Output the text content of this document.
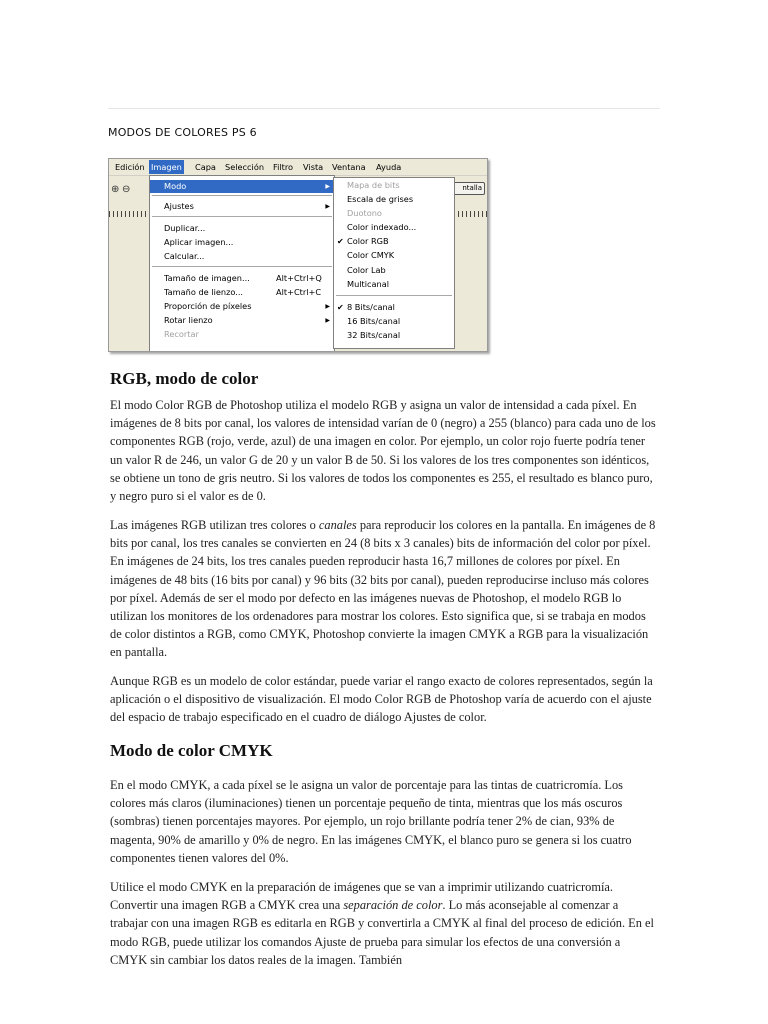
MODOS DE COLORES PS 6
Edición Imagen Capa Selección Filtro Vista Ventana Ayuda
⊕ ⊖	ntalla
Modo	▶
Ajustes	▶
Duplicar...
Aplicar imagen...
Calcular...
Tamaño de imagen...	Alt+Ctrl+Q
Tamaño de lienzo...	Alt+Ctrl+C
Proporción de píxeles	▶
Rotar lienzo	▶
Recortar
Mapa de bits
Escala de grises
Duotono
Color indexado...
✔ Color RGB
Color CMYK
Color Lab
Multicanal
✔ 8 Bits/canal
16 Bits/canal
32 Bits/canal
RGB, modo de color

El modo Color RGB de Photoshop utiliza el modelo RGB y asigna un valor de intensidad a cada píxel. En imágenes de 8 bits por canal, los valores de intensidad varían de 0 (negro) a 255 (blanco) para cada uno de los componentes RGB (rojo, verde, azul) de una imagen en color. Por ejemplo, un color rojo fuerte podría tener un valor R de 246, un valor G de 20 y un valor B de 50. Si los valores de los tres componentes son idénticos, se obtiene un tono de gris neutro. Si los valores de todos los componentes es 255, el resultado es blanco puro, y negro puro si el valor es de 0.

Las imágenes RGB utilizan tres colores o canales para reproducir los colores en la pantalla. En imágenes de 8 bits por canal, los tres canales se convierten en 24 (8 bits x 3 canales) bits de información del color por píxel. En imágenes de 24 bits, los tres canales pueden reproducir hasta 16,7 millones de colores por píxel. En imágenes de 48 bits (16 bits por canal) y 96 bits (32 bits por canal), pueden reproducirse incluso más colores por píxel. Además de ser el modo por defecto en las imágenes nuevas de Photoshop, el modelo RGB lo utilizan los monitores de los ordenadores para mostrar los colores. Esto significa que, si se trabaja en modos de color distintos a RGB, como CMYK, Photoshop convierte la imagen CMYK a RGB para la visualización en pantalla.

Aunque RGB es un modelo de color estándar, puede variar el rango exacto de colores representados, según la aplicación o el dispositivo de visualización. El modo Color RGB de Photoshop varía de acuerdo con el ajuste del espacio de trabajo especificado en el cuadro de diálogo Ajustes de color.

Modo de color CMYK

En el modo CMYK, a cada píxel se le asigna un valor de porcentaje para las tintas de cuatricromía. Los colores más claros (iluminaciones) tienen un porcentaje pequeño de tinta, mientras que los más oscuros (sombras) tienen porcentajes mayores. Por ejemplo, un rojo brillante podría tener 2% de cian, 93% de magenta, 90% de amarillo y 0% de negro. En las imágenes CMYK, el blanco puro se genera si los cuatro componentes tienen valores del 0%.

Utilice el modo CMYK en la preparación de imágenes que se van a imprimir utilizando cuatricromía. Convertir una imagen RGB a CMYK crea una separación de color. Lo más aconsejable al comenzar a trabajar con una imagen RGB es editarla en RGB y convertirla a CMYK al final del proceso de edición. En el modo RGB, puede utilizar los comandos Ajuste de prueba para simular los efectos de una conversión a CMYK sin cambiar los datos reales de la imagen. También
